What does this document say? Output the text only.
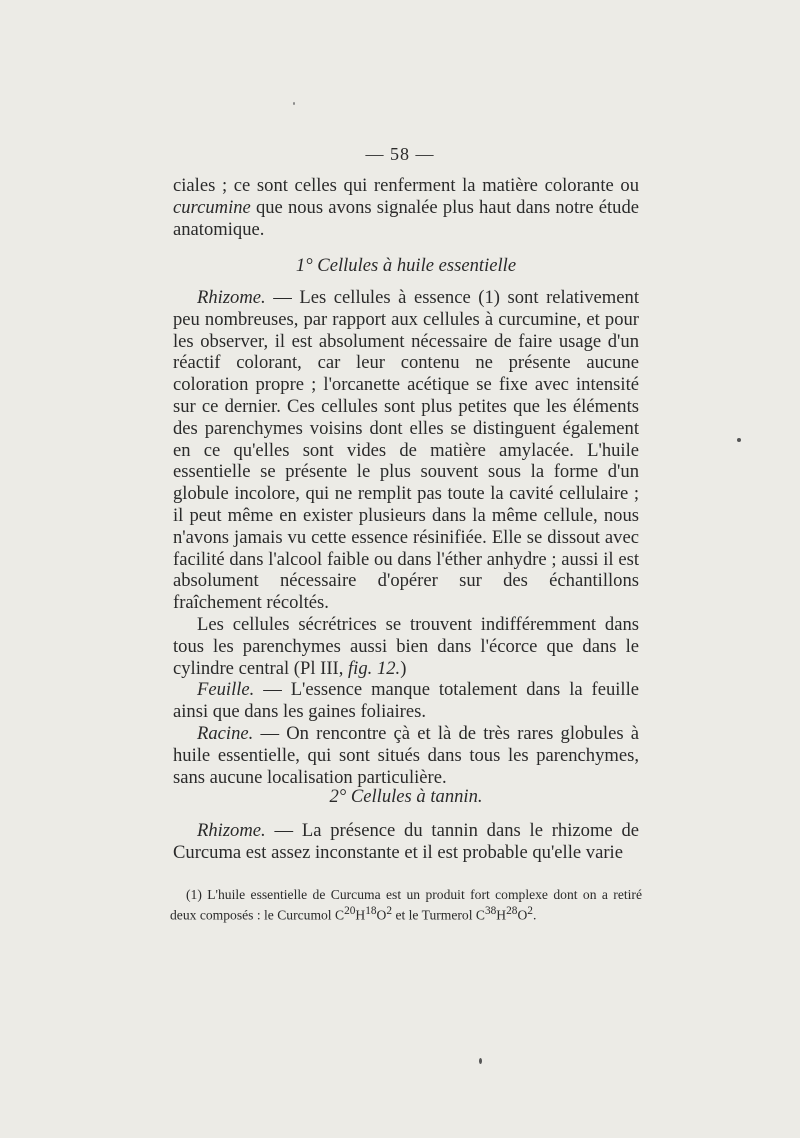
— 58 —

ciales ; ce sont celles qui renferment la matière colorante ou curcumine que nous avons signalée plus haut dans notre étude anatomique.

1° Cellules à huile essentielle

Rhizome. — Les cellules à essence (1) sont relativement peu nombreuses, par rapport aux cellules à curcumine, et pour les observer, il est absolument nécessaire de faire usage d'un réactif colorant, car leur contenu ne présente aucune coloration propre ; l'orcanette acétique se fixe avec intensité sur ce dernier. Ces cellules sont plus petites que les éléments des parenchymes voisins dont elles se distinguent également en ce qu'elles sont vides de matière amylacée. L'huile essentielle se présente le plus souvent sous la forme d'un globule incolore, qui ne remplit pas toute la cavité cellulaire ; il peut même en exister plusieurs dans la même cellule, nous n'avons jamais vu cette essence résinifiée. Elle se dissout avec facilité dans l'alcool faible ou dans l'éther anhydre ; aussi il est absolument nécessaire d'opérer sur des échantillons fraîchement récoltés.

Les cellules sécrétrices se trouvent indifféremment dans tous les parenchymes aussi bien dans l'écorce que dans le cylindre central (Pl III, fig. 12.)

Feuille. — L'essence manque totalement dans la feuille ainsi que dans les gaines foliaires.

Racine. — On rencontre çà et là de très rares globules à huile essentielle, qui sont situés dans tous les parenchymes, sans aucune localisation particulière.

2° Cellules à tannin.

Rhizome. — La présence du tannin dans le rhizome de Curcuma est assez inconstante et il est probable qu'elle varie

(1) L'huile essentielle de Curcuma est un produit fort complexe dont on a retiré deux composés : le Curcumol $C^{20}H^{18}O^2$ et le Turmerol $C^{38}H^{28}O^2$.
